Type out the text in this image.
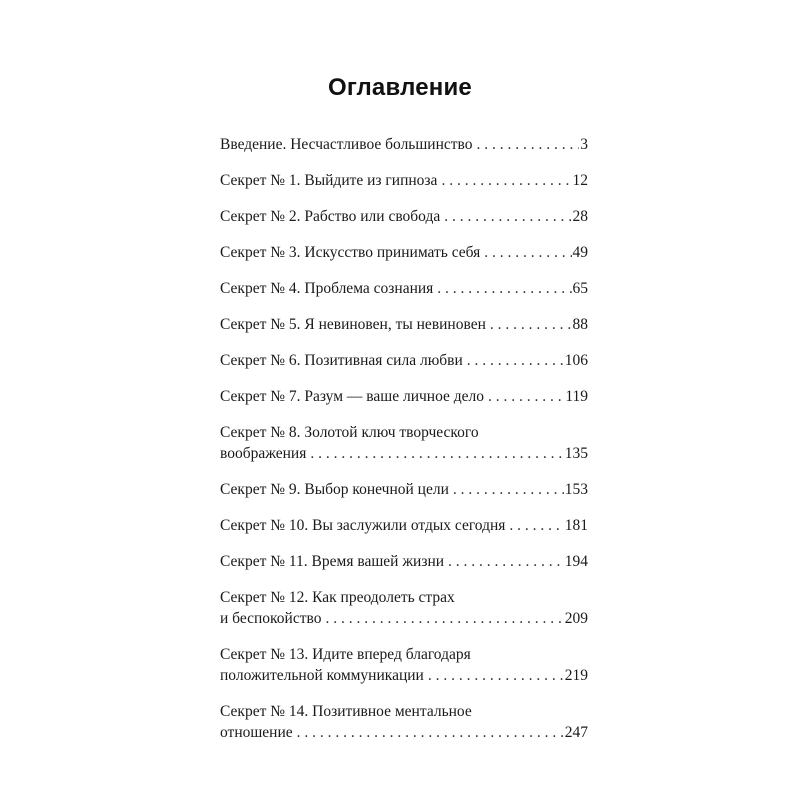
Оглавление
Введение. Несчастливое большинство . . .	3
Секрет № 1. Выйдите из гипноза . . .	12
Секрет № 2. Рабство или свобода . . .	28
Секрет № 3. Искусство принимать себя . . .	49
Секрет № 4. Проблема сознания . . .	65
Секрет № 5. Я невиновен, ты невиновен . . .	88
Секрет № 6. Позитивная сила любви . . .	106
Секрет № 7. Разум — ваше личное дело . . .	119
Секрет № 8. Золотой ключ творческого
воображения . . .	135
Секрет № 9. Выбор конечной цели . . .	153
Секрет № 10. Вы заслужили отдых сегодня . . .	181
Секрет № 11. Время вашей жизни . . .	194
Секрет № 12. Как преодолеть страх
и беспокойство . . .	209
Секрет № 13. Идите вперед благодаря
положительной коммуникации . . .	219
Секрет № 14. Позитивное ментальное
отношение . . .	247
